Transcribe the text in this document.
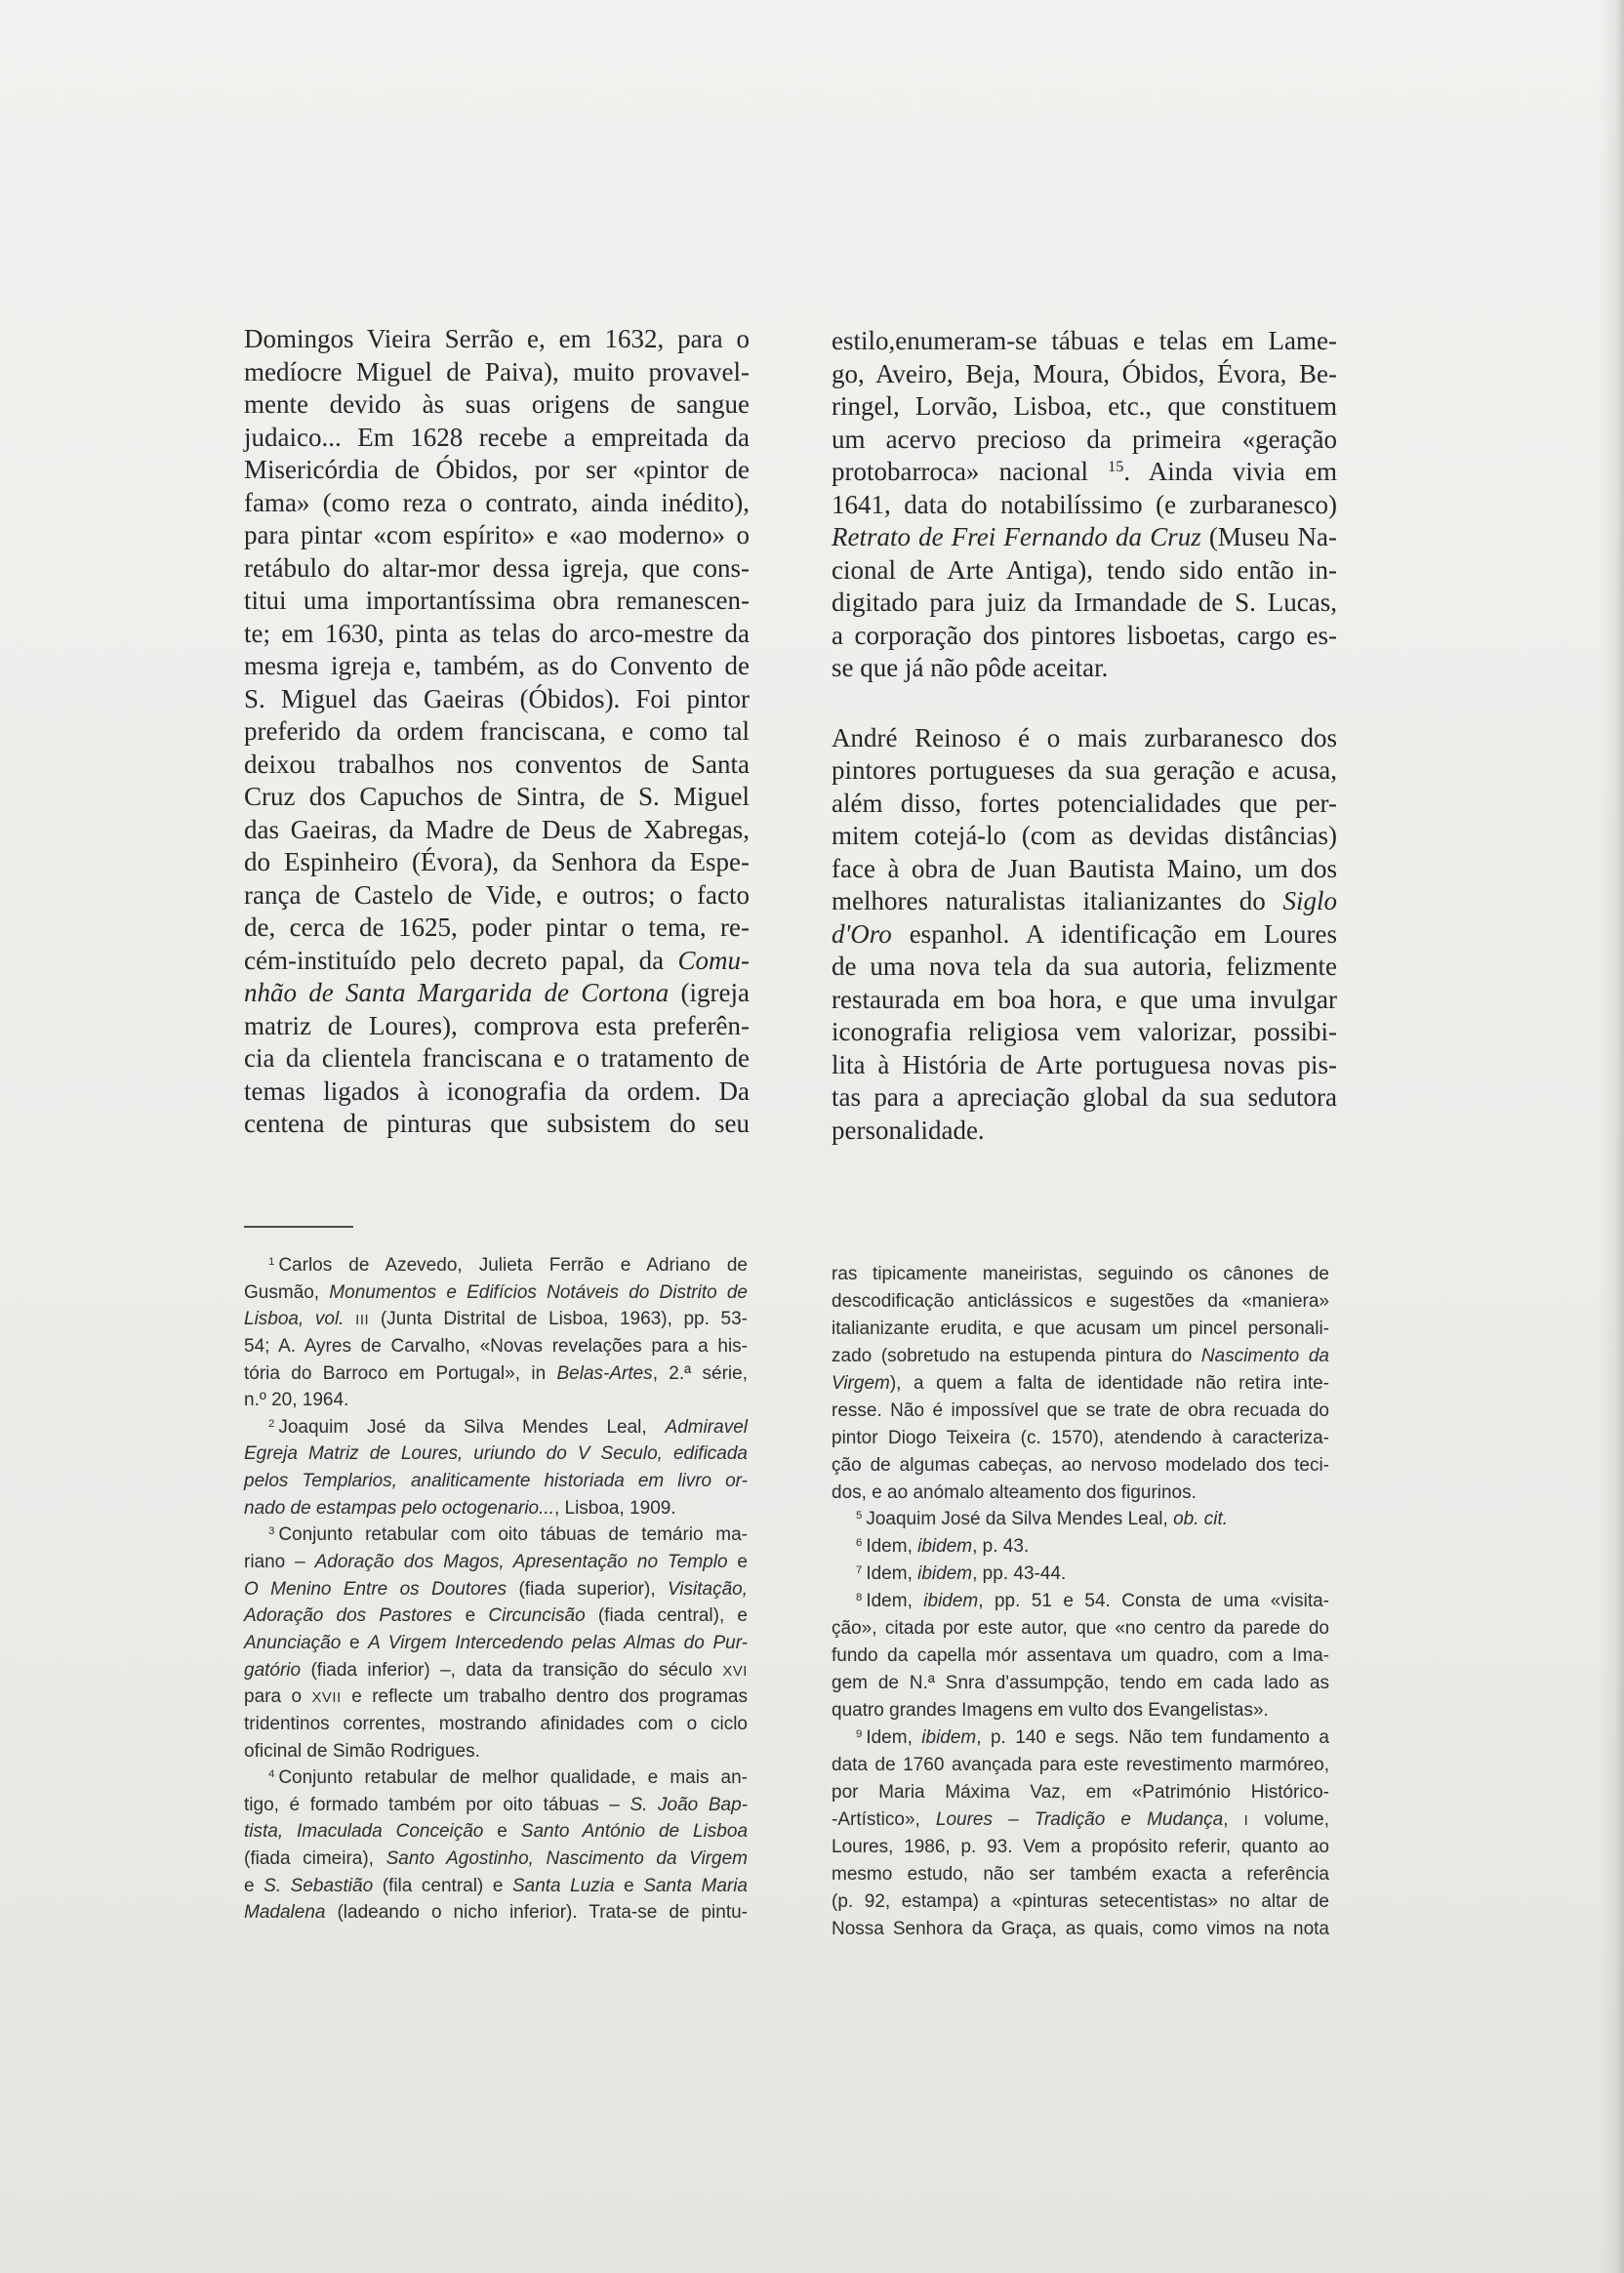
Domingos Vieira Serrão e, em 1632, para o
medíocre Miguel de Paiva), muito provavel-
mente devido às suas origens de sangue
judaico... Em 1628 recebe a empreitada da
Misericórdia de Óbidos, por ser «pintor de
fama» (como reza o contrato, ainda inédito),
para pintar «com espírito» e «ao moderno» o
retábulo do altar-mor dessa igreja, que cons-
titui uma importantíssima obra remanescen-
te; em 1630, pinta as telas do arco-mestre da
mesma igreja e, também, as do Convento de
S. Miguel das Gaeiras (Óbidos). Foi pintor
preferido da ordem franciscana, e como tal
deixou trabalhos nos conventos de Santa
Cruz dos Capuchos de Sintra, de S. Miguel
das Gaeiras, da Madre de Deus de Xabregas,
do Espinheiro (Évora), da Senhora da Espe-
rança de Castelo de Vide, e outros; o facto
de, cerca de 1625, poder pintar o tema, re-
cém-instituído pelo decreto papal, da Comu-
nhão de Santa Margarida de Cortona (igreja
matriz de Loures), comprova esta preferên-
cia da clientela franciscana e o tratamento de
temas ligados à iconografia da ordem. Da
centena de pinturas que subsistem do seu
estilo,enumeram-se tábuas e telas em Lame-
go, Aveiro, Beja, Moura, Óbidos, Évora, Be-
ringel, Lorvão, Lisboa, etc., que constituem
um acervo precioso da primeira «geração
protobarroca» nacional $^{15}$. Ainda vivia em
1641, data do notabilíssimo (e zurbaranesco)
Retrato de Frei Fernando da Cruz (Museu Na-
cional de Arte Antiga), tendo sido então in-
digitado para juiz da Irmandade de S. Lucas,
a corporação dos pintores lisboetas, cargo es-
se que já não pôde aceitar.
André Reinoso é o mais zurbaranesco dos
pintores portugueses da sua geração e acusa,
além disso, fortes potencialidades que per-
mitem cotejá-lo (com as devidas distâncias)
face à obra de Juan Bautista Maino, um dos
melhores naturalistas italianizantes do Siglo
d'Oro espanhol. A identificação em Loures
de uma nova tela da sua autoria, felizmente
restaurada em boa hora, e que uma invulgar
iconografia religiosa vem valorizar, possibi-
lita à História de Arte portuguesa novas pis-
tas para a apreciação global da sua sedutora
personalidade.
$^1$ Carlos de Azevedo, Julieta Ferrão e Adriano de
Gusmão, Monumentos e Edifícios Notáveis do Distrito de
Lisboa, vol. III (Junta Distrital de Lisboa, 1963), pp. 53-
54; A. Ayres de Carvalho, «Novas revelações para a his-
tória do Barroco em Portugal», in Belas-Artes, 2.ª série,
n.º 20, 1964.
$^2$ Joaquim José da Silva Mendes Leal, Admiravel
Egreja Matriz de Loures, uriundo do V Seculo, edificada
pelos Templarios, analiticamente historiada em livro or-
nado de estampas pelo octogenario..., Lisboa, 1909.
$^3$ Conjunto retabular com oito tábuas de temário ma-
riano – Adoração dos Magos, Apresentação no Templo e
O Menino Entre os Doutores (fiada superior), Visitação,
Adoração dos Pastores e Circuncisão (fiada central), e
Anunciação e A Virgem Intercedendo pelas Almas do Pur-
gatório (fiada inferior) –, data da transição do século XVI
para o XVII e reflecte um trabalho dentro dos programas
tridentinos correntes, mostrando afinidades com o ciclo
oficinal de Simão Rodrigues.
$^4$ Conjunto retabular de melhor qualidade, e mais an-
tigo, é formado também por oito tábuas – S. João Bap-
tista, Imaculada Conceição e Santo António de Lisboa
(fiada cimeira), Santo Agostinho, Nascimento da Virgem
e S. Sebastião (fila central) e Santa Luzia e Santa Maria
Madalena (ladeando o nicho inferior). Trata-se de pintu-
ras tipicamente maneiristas, seguindo os cânones de
descodificação anticlássicos e sugestões da «maniera»
italianizante erudita, e que acusam um pincel personali-
zado (sobretudo na estupenda pintura do Nascimento da
Virgem), a quem a falta de identidade não retira inte-
resse. Não é impossível que se trate de obra recuada do
pintor Diogo Teixeira (c. 1570), atendendo à caracteriza-
ção de algumas cabeças, ao nervoso modelado dos teci-
dos, e ao anómalo alteamento dos figurinos.
$^5$ Joaquim José da Silva Mendes Leal, ob. cit.
$^6$ Idem, ibidem, p. 43.
$^7$ Idem, ibidem, pp. 43-44.
$^8$ Idem, ibidem, pp. 51 e 54. Consta de uma «visita-
ção», citada por este autor, que «no centro da parede do
fundo da capella mór assentava um quadro, com a Ima-
gem de N.ª Snra d'assumpção, tendo em cada lado as
quatro grandes Imagens em vulto dos Evangelistas».
$^9$ Idem, ibidem, p. 140 e segs. Não tem fundamento a
data de 1760 avançada para este revestimento marmóreo,
por Maria Máxima Vaz, em «Património Histórico-
-Artístico», Loures – Tradição e Mudança, I volume,
Loures, 1986, p. 93. Vem a propósito referir, quanto ao
mesmo estudo, não ser também exacta a referência
(p. 92, estampa) a «pinturas setecentistas» no altar de
Nossa Senhora da Graça, as quais, como vimos na nota
